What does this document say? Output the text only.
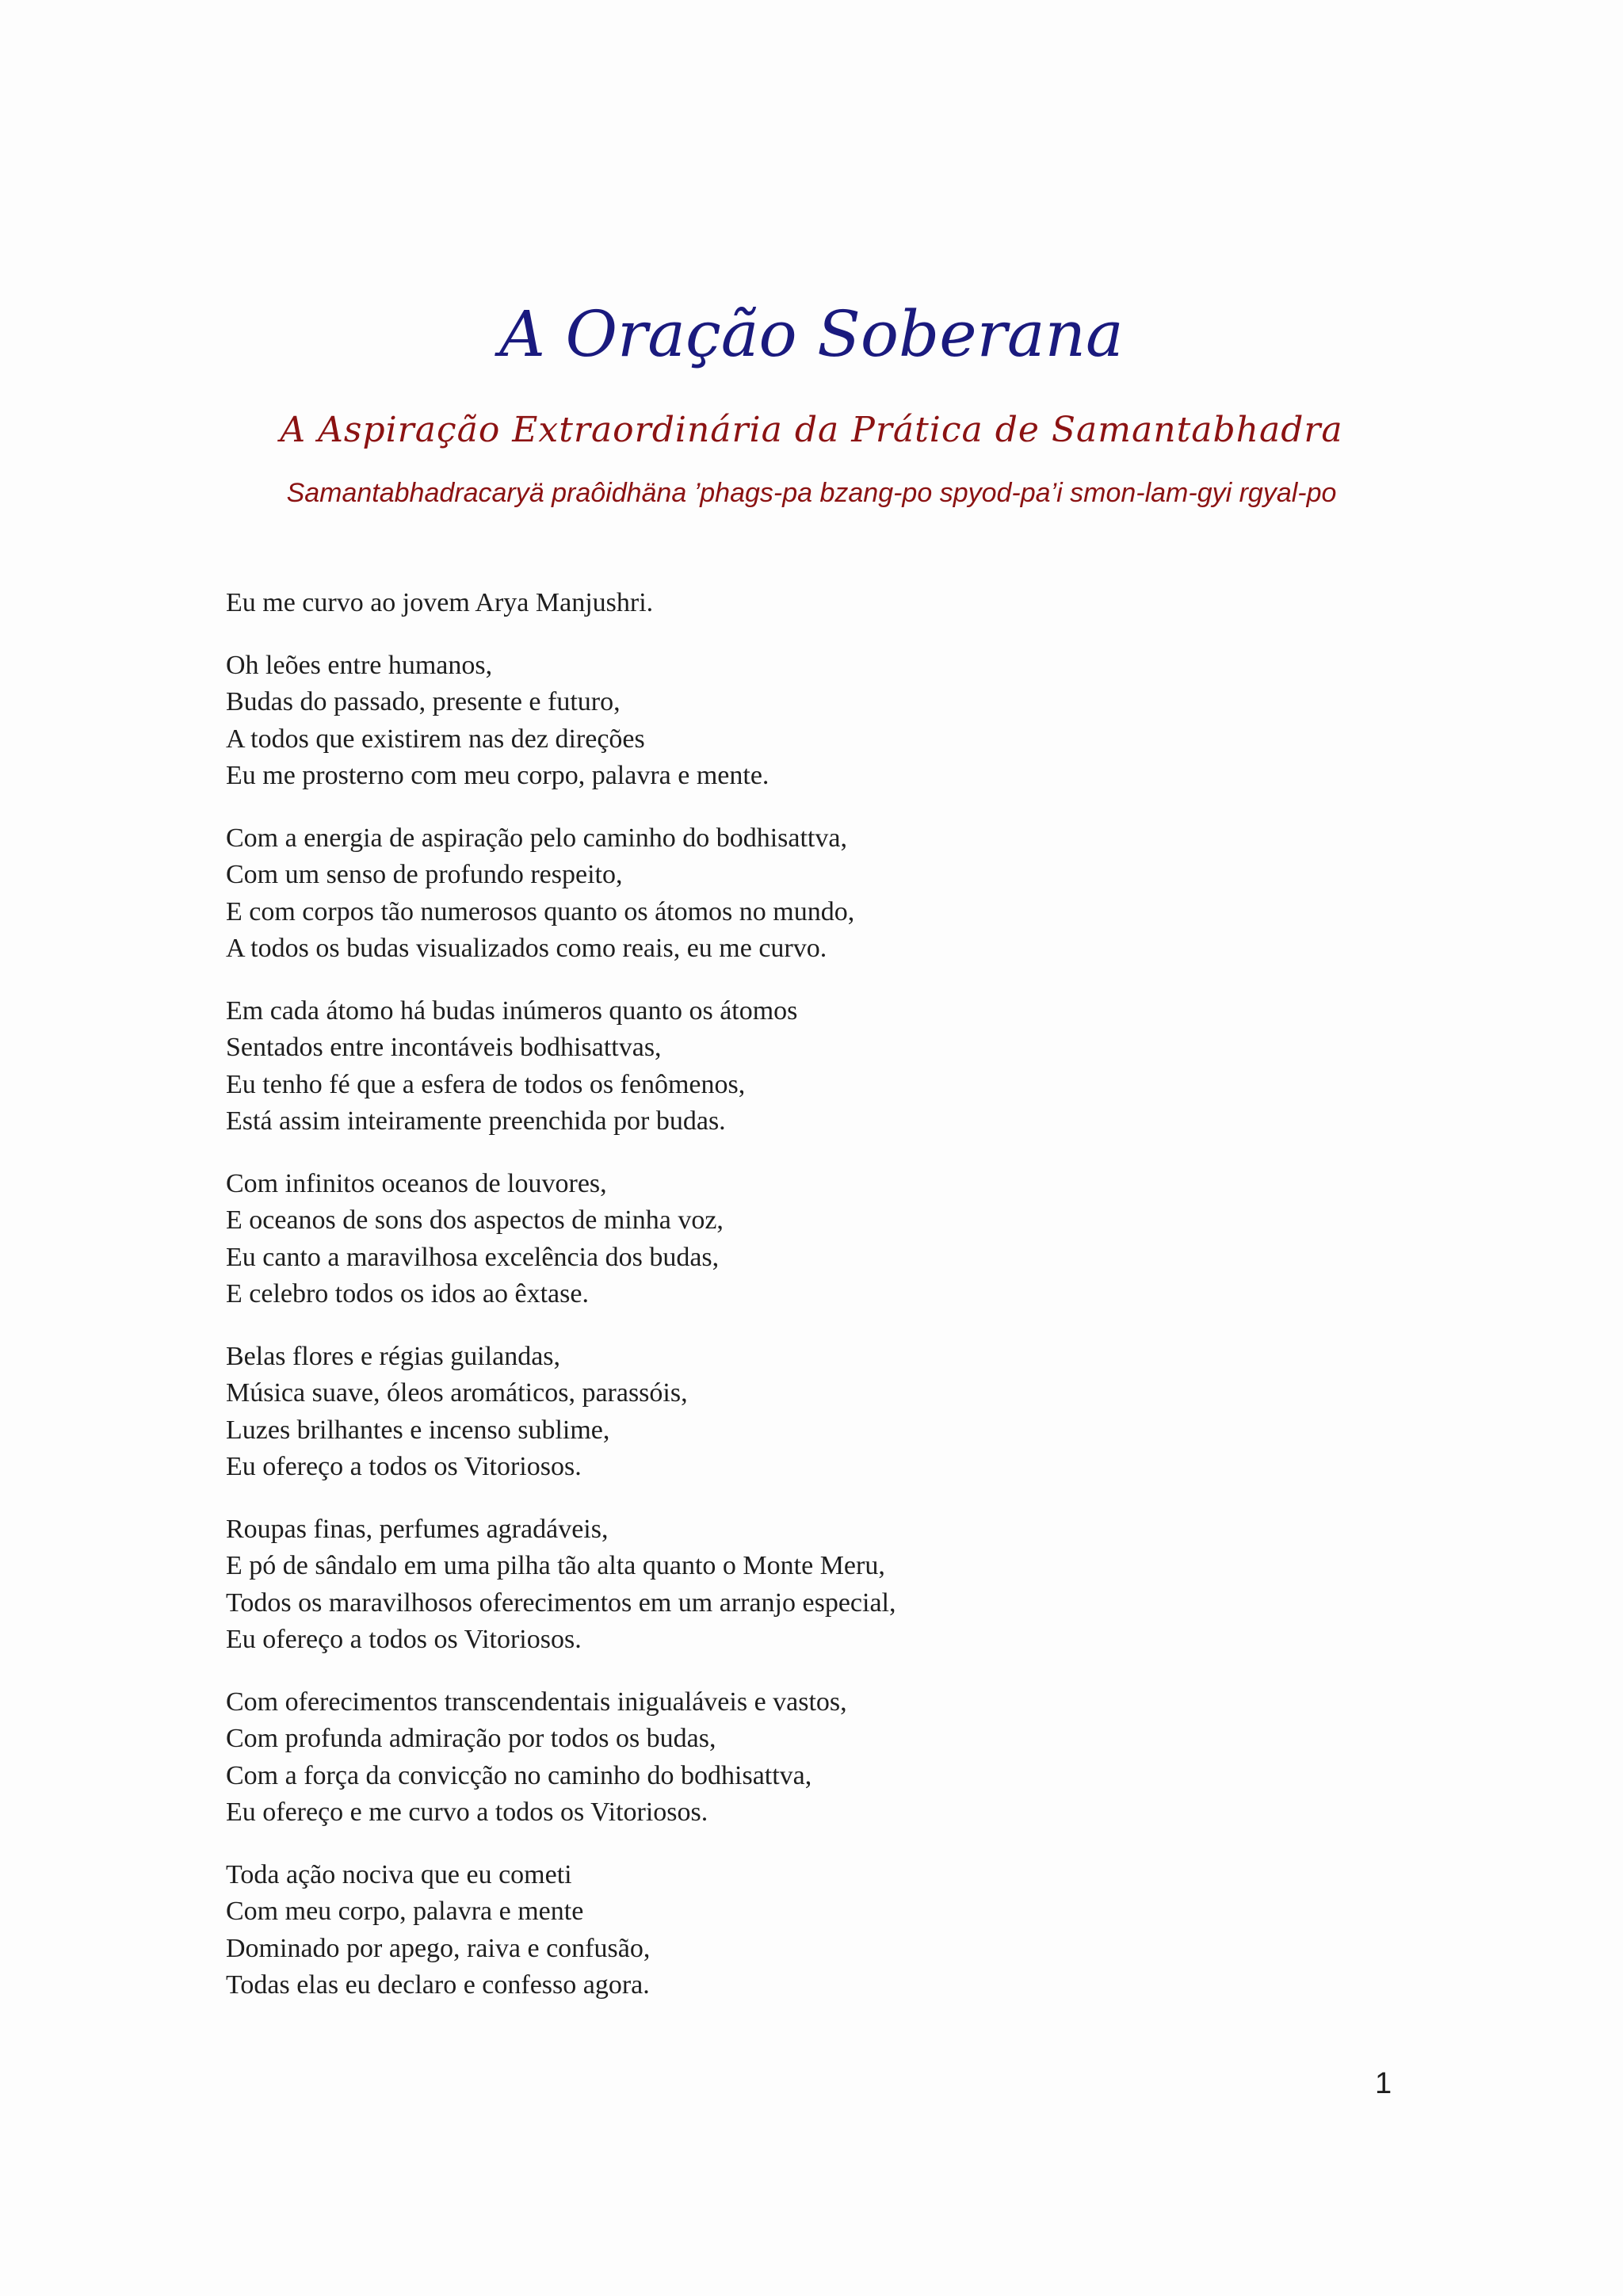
A Oração Soberana
A Aspiração Extraordinária da Prática de Samantabhadra
Samantabhadracaryä praôidhäna ’phags-pa bzang-po spyod-pa’i smon-lam-gyi rgyal-po
Eu me curvo ao jovem Arya Manjushri.
Oh leões entre humanos,
Budas do passado, presente e futuro,
A todos que existirem nas dez direções
Eu me prosterno com meu corpo, palavra e mente.
Com a energia de aspiração pelo caminho do bodhisattva,
Com um senso de profundo respeito,
E com corpos tão numerosos quanto os átomos no mundo,
A todos os budas visualizados como reais, eu me curvo.
Em cada átomo há budas inúmeros quanto os átomos
Sentados entre incontáveis bodhisattvas,
Eu tenho fé que a esfera de todos os fenômenos,
Está assim inteiramente preenchida por budas.
Com infinitos oceanos de louvores,
E oceanos de sons dos aspectos de minha voz,
Eu canto a maravilhosa excelência dos budas,
E celebro todos os idos ao êxtase.
Belas flores e régias guilandas,
Música suave, óleos aromáticos, parassóis,
Luzes brilhantes e incenso sublime,
Eu ofereço a todos os Vitoriosos.
Roupas finas, perfumes agradáveis,
E pó de sândalo em uma pilha tão alta quanto o Monte Meru,
Todos os maravilhosos oferecimentos em um arranjo especial,
Eu ofereço a todos os Vitoriosos.
Com oferecimentos transcendentais inigualáveis e vastos,
Com profunda admiração por todos os budas,
Com a força da convicção no caminho do bodhisattva,
Eu ofereço e me curvo a todos os Vitoriosos.
Toda ação nociva que eu cometi
Com meu corpo, palavra e mente
Dominado por apego, raiva e confusão,
Todas elas eu declaro e confesso agora.
1
